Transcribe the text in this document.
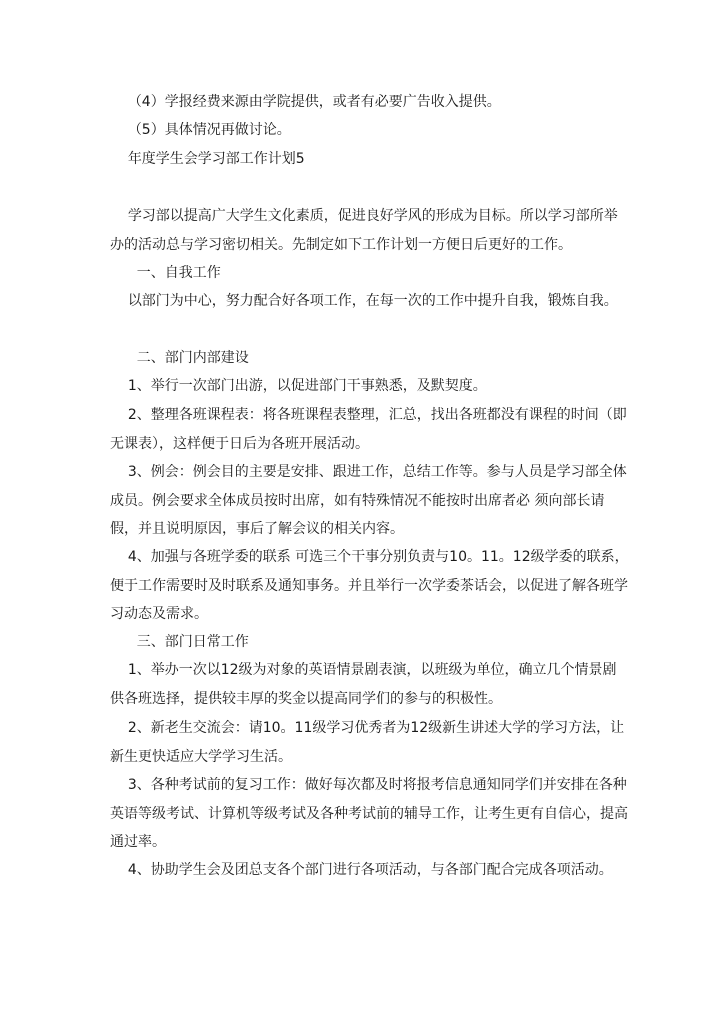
（4）学报经费来源由学院提供，或者有必要广告收入提供。
（5）具体情况再做讨论。
年度学生会学习部工作计划5
学习部以提高广大学生文化素质，促进良好学风的形成为目标。所以学习部所举办的活动总与学习密切相关。先制定如下工作计划一方便日后更好的工作。
一、自我工作
以部门为中心，努力配合好各项工作，在每一次的工作中提升自我，锻炼自我。
二、部门内部建设
1、举行一次部门出游，以促进部门干事熟悉，及默契度。
2、整理各班课程表：将各班课程表整理，汇总，找出各班都没有课程的时间（即无课表），这样便于日后为各班开展活动。
3、例会：例会目的主要是安排、跟进工作，总结工作等。参与人员是学习部全体成员。例会要求全体成员按时出席，如有特殊情况不能按时出席者必 须向部长请假，并且说明原因，事后了解会议的相关内容。
4、加强与各班学委的联系 可选三个干事分别负责与10。11。12级学委的联系，便于工作需要时及时联系及通知事务。并且举行一次学委茶话会，以促进了解各班学习动态及需求。
三、部门日常工作
1、举办一次以12级为对象的英语情景剧表演，以班级为单位，确立几个情景剧供各班选择，提供较丰厚的奖金以提高同学们的参与的积极性。
2、新老生交流会：请10。11级学习优秀者为12级新生讲述大学的学习方法，让新生更快适应大学学习生活。
3、各种考试前的复习工作：做好每次都及时将报考信息通知同学们并安排在各种英语等级考试、计算机等级考试及各种考试前的辅导工作，让考生更有自信心，提高通过率。
4、协助学生会及团总支各个部门进行各项活动，与各部门配合完成各项活动。
